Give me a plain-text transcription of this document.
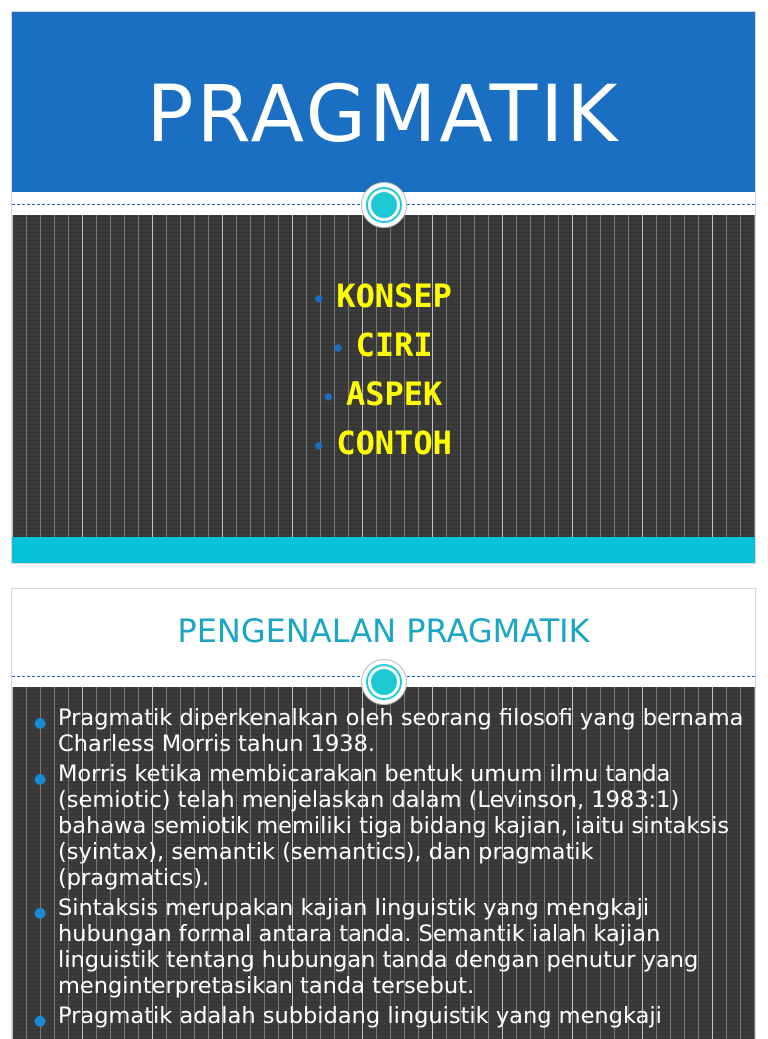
PRAGMATIK
● KONSEP
● CIRI
● ASPEK
● CONTOH
PENGENALAN PRAGMATIK
● Pragmatik diperkenalkan oleh seorang filosofi yang bernama Charless Morris tahun 1938.
● Morris ketika membicarakan bentuk umum ilmu tanda (semiotic) telah menjelaskan dalam (Levinson, 1983:1) bahawa semiotik memiliki tiga bidang kajian, iaitu sintaksis (syintax), semantik (semantics), dan pragmatik (pragmatics).
● Sintaksis merupakan kajian linguistik yang mengkaji hubungan formal antara tanda. Semantik ialah kajian linguistik tentang hubungan tanda dengan penutur yang menginterpretasikan tanda tersebut.
● Pragmatik adalah subbidang linguistik yang mengkaji
